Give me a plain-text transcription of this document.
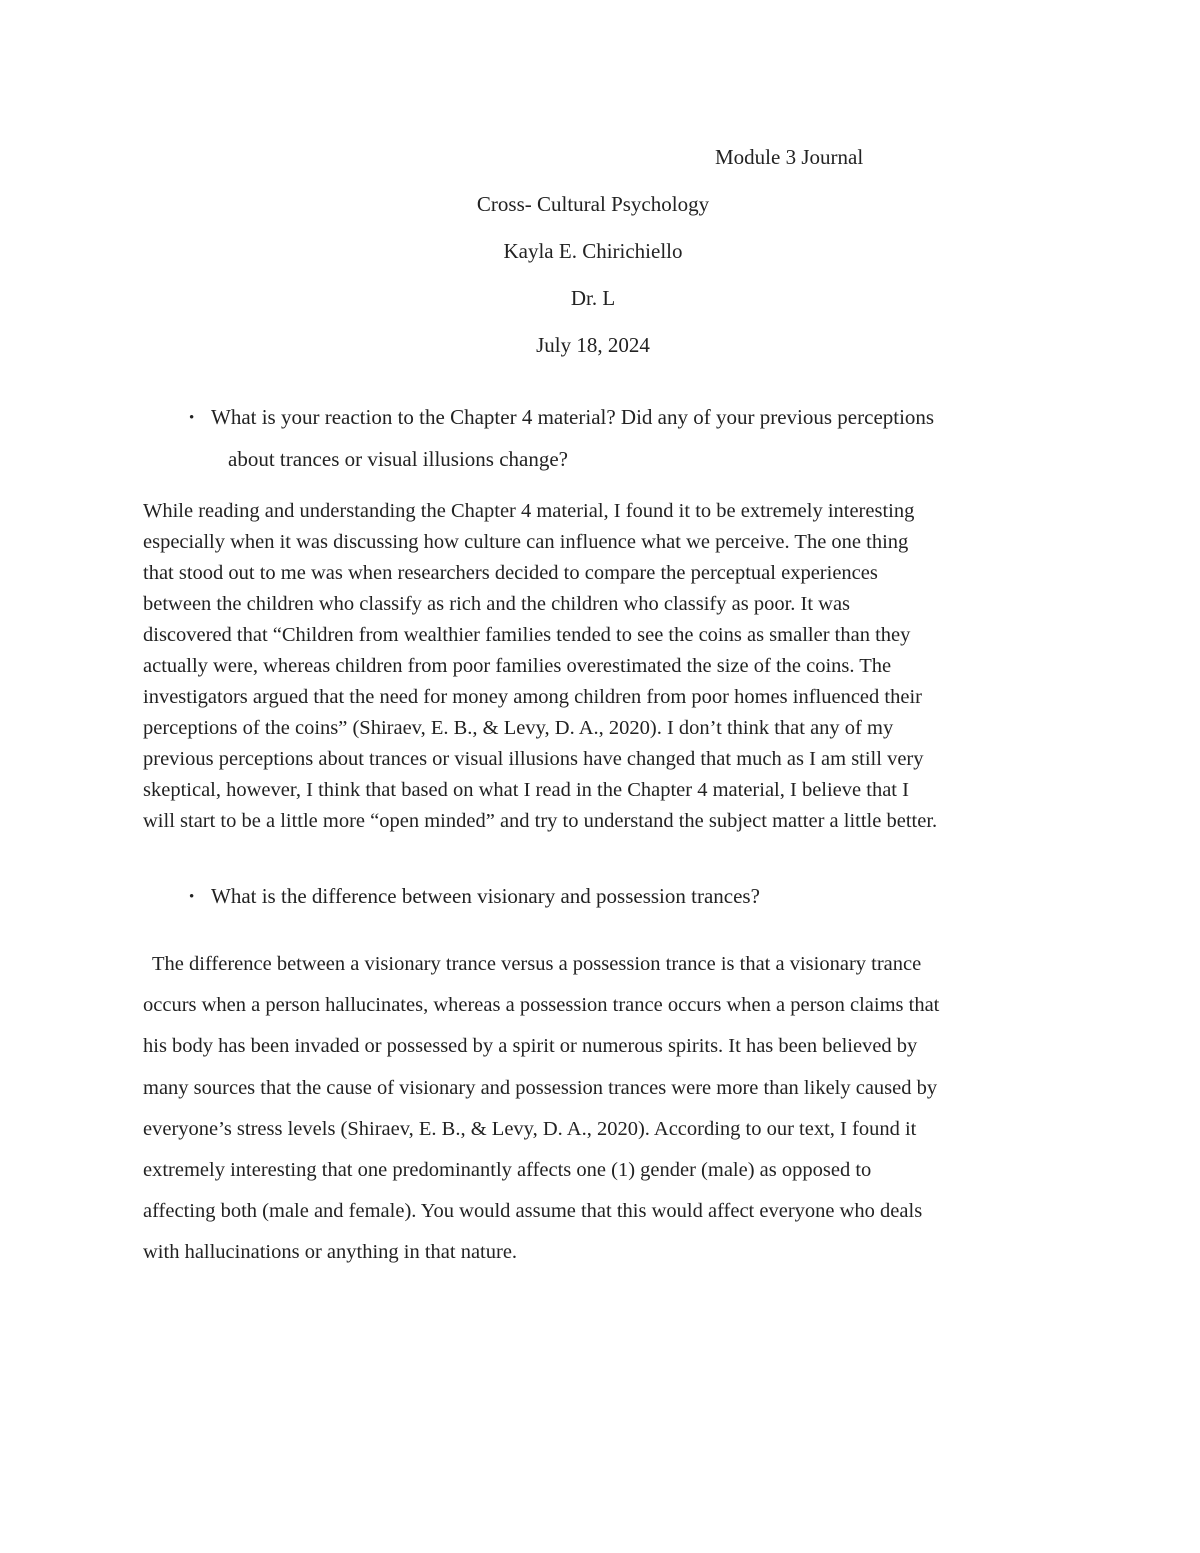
Module 3 Journal
Cross- Cultural Psychology
Kayla E. Chirichiello
Dr. L
July 18, 2024
• What is your reaction to the Chapter 4 material? Did any of your previous perceptions
about trances or visual illusions change?
While reading and understanding the Chapter 4 material, I found it to be extremely interesting
especially when it was discussing how culture can influence what we perceive. The one thing
that stood out to me was when researchers decided to compare the perceptual experiences
between the children who classify as rich and the children who classify as poor. It was
discovered that “Children from wealthier families tended to see the coins as smaller than they
actually were, whereas children from poor families overestimated the size of the coins. The
investigators argued that the need for money among children from poor homes influenced their
perceptions of the coins” (Shiraev, E. B., & Levy, D. A., 2020). I don’t think that any of my
previous perceptions about trances or visual illusions have changed that much as I am still very
skeptical, however, I think that based on what I read in the Chapter 4 material, I believe that I
will start to be a little more “open minded” and try to understand the subject matter a little better.
• What is the difference between visionary and possession trances?
The difference between a visionary trance versus a possession trance is that a visionary trance
occurs when a person hallucinates, whereas a possession trance occurs when a person claims that
his body has been invaded or possessed by a spirit or numerous spirits. It has been believed by
many sources that the cause of visionary and possession trances were more than likely caused by
everyone’s stress levels (Shiraev, E. B., & Levy, D. A., 2020). According to our text, I found it
extremely interesting that one predominantly affects one (1) gender (male) as opposed to
affecting both (male and female). You would assume that this would affect everyone who deals
with hallucinations or anything in that nature.
